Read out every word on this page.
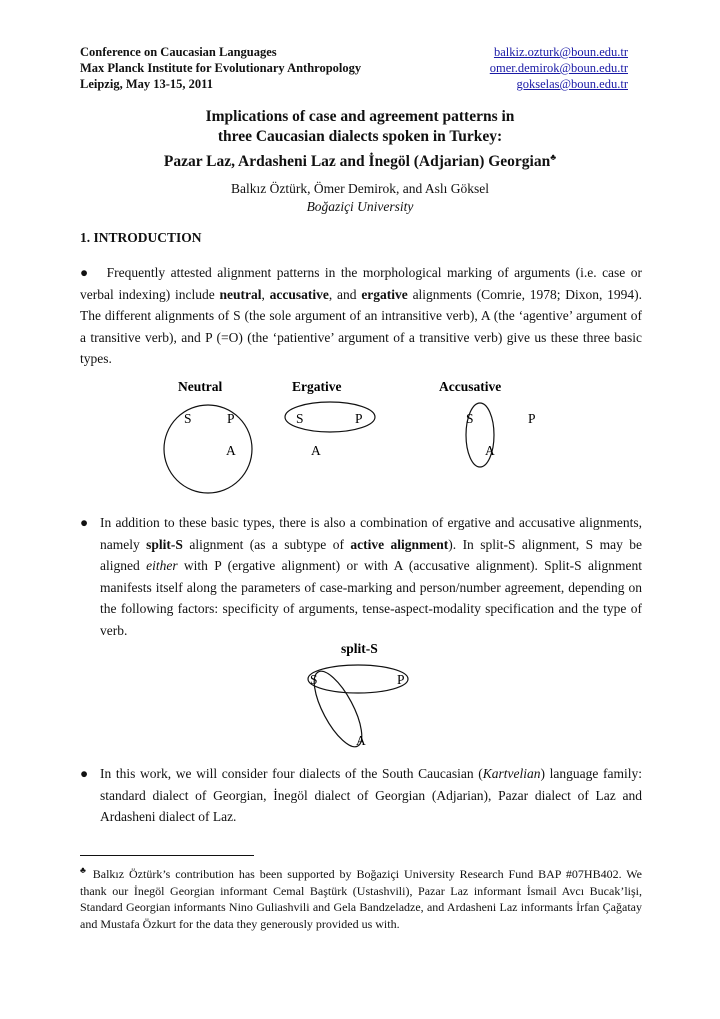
Conference on Caucasian Languages
Max Planck Institute for Evolutionary Anthropology
Leipzig, May 13-15, 2011
balkiz.ozturk@boun.edu.tr
omer.demirok@boun.edu.tr
gokselas@boun.edu.tr
Implications of case and agreement patterns in
three Caucasian dialects spoken in Turkey:
Pazar Laz, Ardasheni Laz and İnegöl (Adjarian) Georgian♣
Balkız Öztürk, Ömer Demirok, and Aslı Göksel
Boğaziçi University
1. INTRODUCTION
●   Frequently attested alignment patterns in the morphological marking of arguments (i.e. case or verbal indexing) include neutral, accusative, and ergative alignments (Comrie, 1978; Dixon, 1994). The different alignments of S (the sole argument of an intransitive verb), A (the ‘agentive’ argument of a transitive verb), and P (=O) (the ‘patientive’ argument of a transitive verb) give us these three basic types.
Neutral	Ergative	Accusative
S	P
A
S	P
A
S	P
A
● In addition to these basic types, there is also a combination of ergative and accusative alignments, namely split-S alignment (as a subtype of active alignment). In split-S alignment, S may be aligned either with P (ergative alignment) or with A (accusative alignment). Split-S alignment manifests itself along the parameters of case-marking and person/number agreement, depending on the following factors: specificity of arguments, tense-aspect-modality specification and the type of verb.
split-S
S	P
A
● In this work, we will consider four dialects of the South Caucasian (Kartvelian) language family: standard dialect of Georgian, İnegöl dialect of Georgian (Adjarian), Pazar dialect of Laz and Ardasheni dialect of Laz.
♣ Balkız Öztürk’s contribution has been supported by Boğaziçi University Research Fund BAP #07HB402. We thank our İnegöl Georgian informant Cemal Baştürk (Ustashvili), Pazar Laz informant İsmail Avcı Bucak’lişi, Standard Georgian informants Nino Guliashvili and Gela Bandzeladze, and Ardasheni Laz informants İrfan Çağatay and Mustafa Özkurt for the data they generously provided us with.
